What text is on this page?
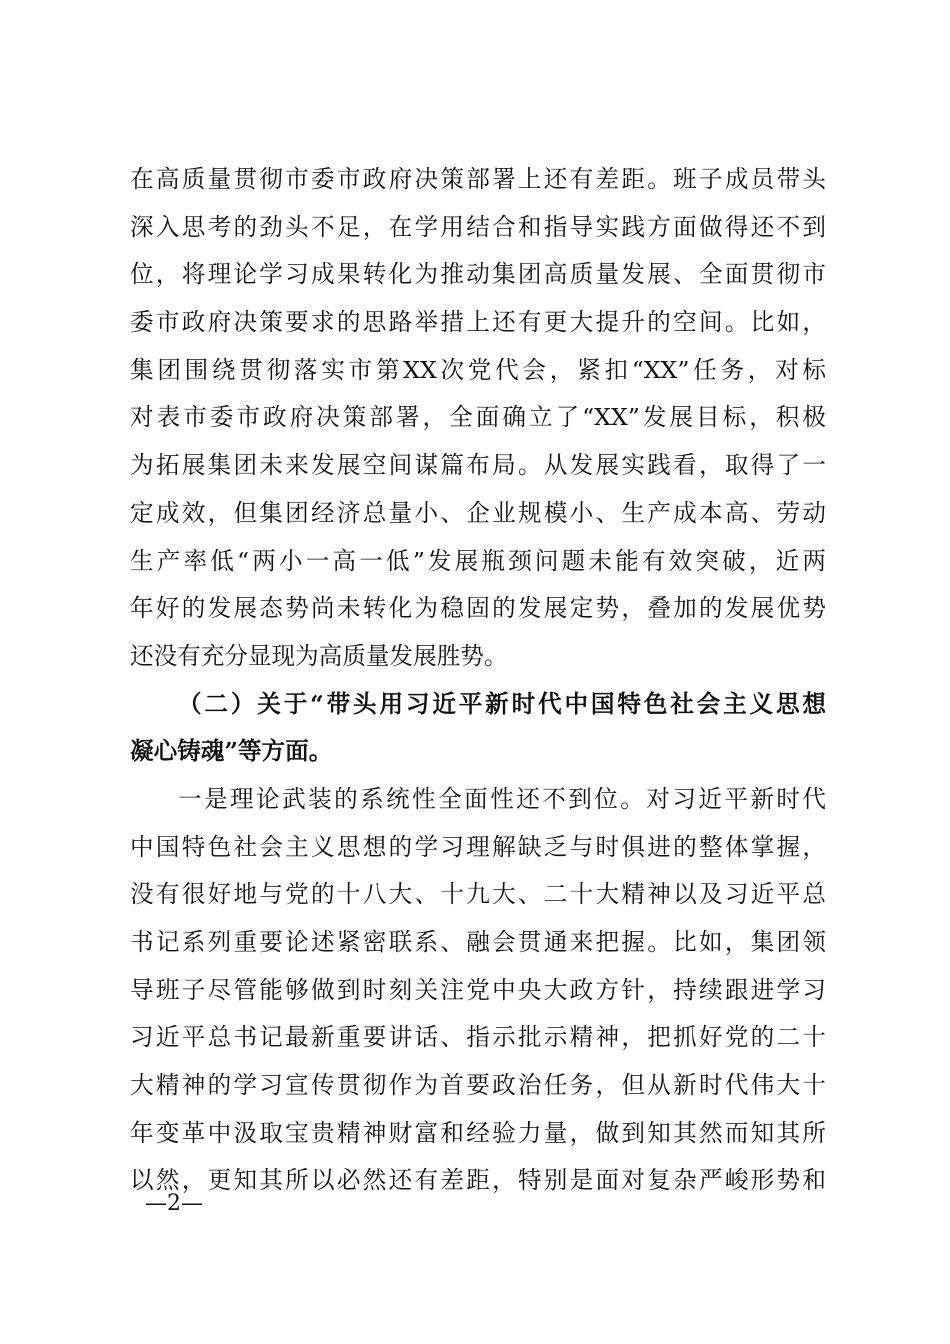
在高质量贯彻市委市政府决策部署上还有差距。班子成员带头
深入思考的劲头不足，在学用结合和指导实践方面做得还不到
位，将理论学习成果转化为推动集团高质量发展、全面贯彻市
委市政府决策要求的思路举措上还有更大提升的空间。比如，
集团围绕贯彻落实市第XX次党代会，紧扣“XX”任务，对标
对表市委市政府决策部署，全面确立了“XX”发展目标，积极
为拓展集团未来发展空间谋篇布局。从发展实践看，取得了一
定成效，但集团经济总量小、企业规模小、生产成本高、劳动
生产率低“两小一高一低”发展瓶颈问题未能有效突破，近两
年好的发展态势尚未转化为稳固的发展定势，叠加的发展优势
还没有充分显现为高质量发展胜势。
（二）关于“带头用习近平新时代中国特色社会主义思想
凝心铸魂”等方面。
一是理论武装的系统性全面性还不到位。对习近平新时代
中国特色社会主义思想的学习理解缺乏与时俱进的整体掌握，
没有很好地与党的十八大、十九大、二十大精神以及习近平总
书记系列重要论述紧密联系、融会贯通来把握。比如，集团领
导班子尽管能够做到时刻关注党中央大政方针，持续跟进学习
习近平总书记最新重要讲话、指示批示精神，把抓好党的二十
大精神的学习宣传贯彻作为首要政治任务，但从新时代伟大十
年变革中汲取宝贵精神财富和经验力量，做到知其然而知其所
以然，更知其所以必然还有差距，特别是面对复杂严峻形势和
—2—
